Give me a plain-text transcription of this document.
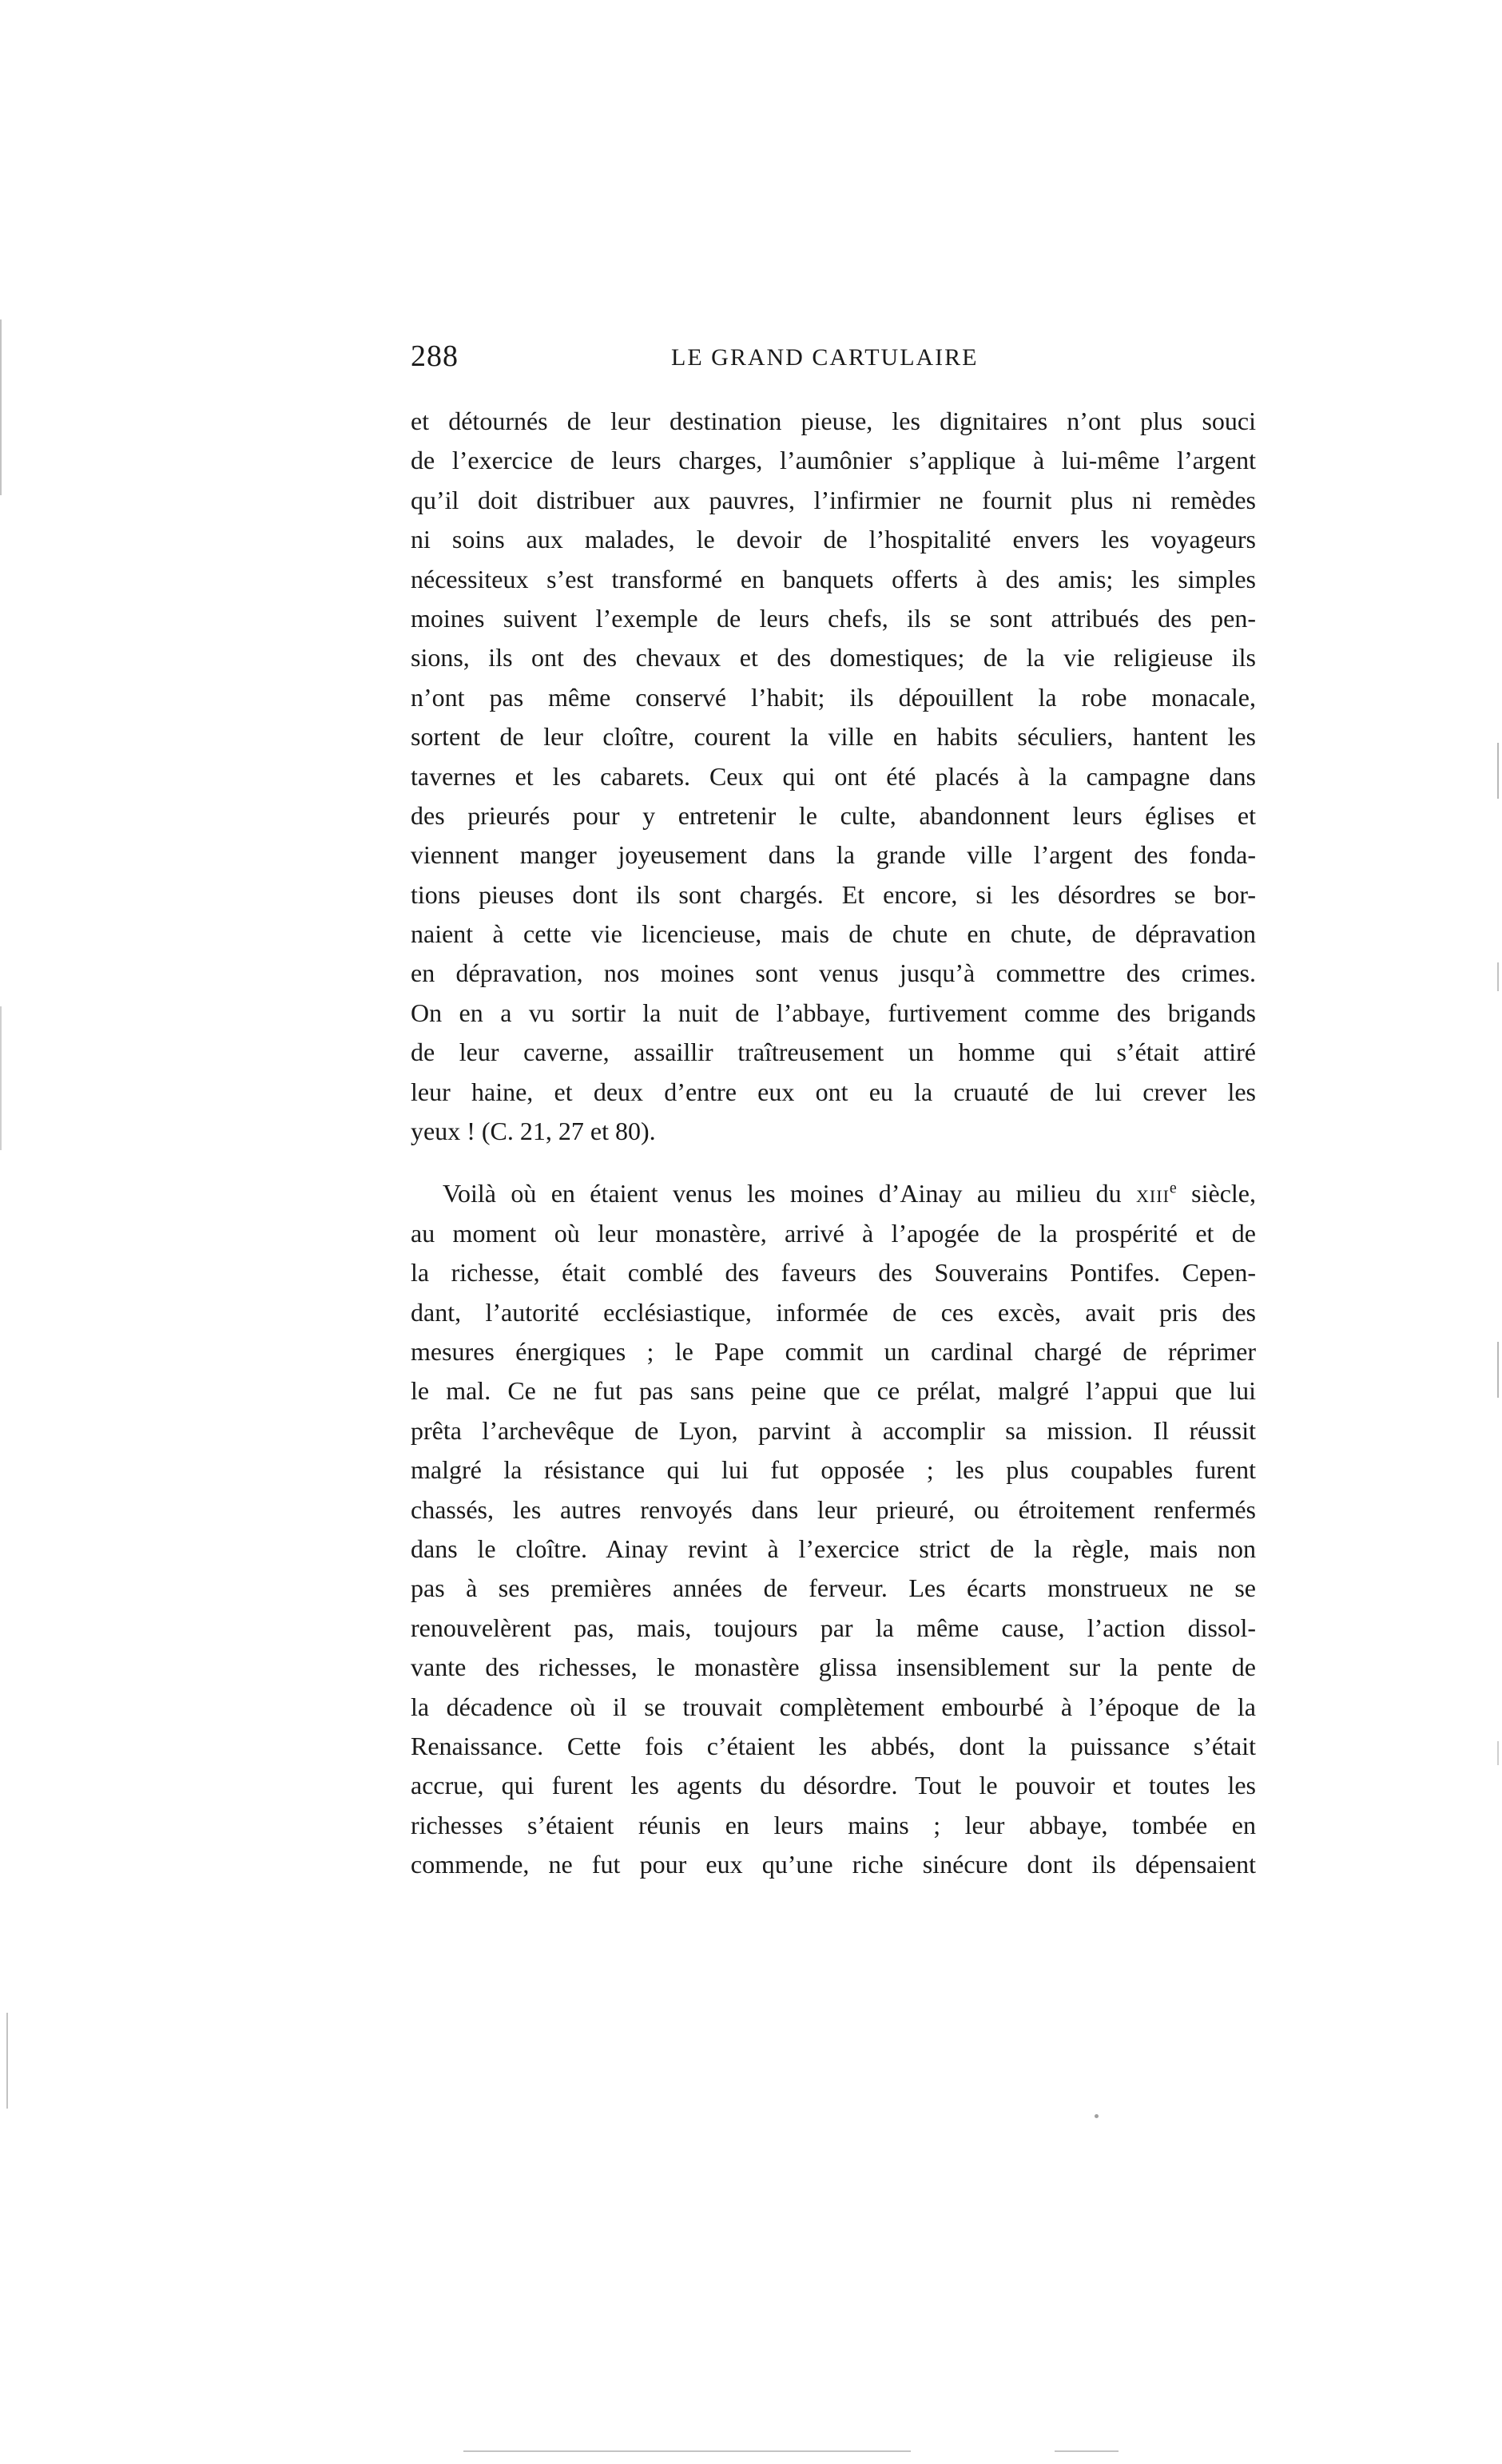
288	LE GRAND CARTULAIRE
et détournés de leur destination pieuse, les dignitaires n’ont plus souci
de l’exercice de leurs charges, l’aumônier s’applique à lui-même l’argent
qu’il doit distribuer aux pauvres, l’infirmier ne fournit plus ni remèdes
ni soins aux malades, le devoir de l’hospitalité envers les voyageurs
nécessiteux s’est transformé en banquets offerts à des amis; les simples
moines suivent l’exemple de leurs chefs, ils se sont attribués des pen-
sions, ils ont des chevaux et des domestiques; de la vie religieuse ils
n’ont pas même conservé l’habit; ils dépouillent la robe monacale,
sortent de leur cloître, courent la ville en habits séculiers, hantent les
tavernes et les cabarets. Ceux qui ont été placés à la campagne dans
des prieurés pour y entretenir le culte, abandonnent leurs églises et
viennent manger joyeusement dans la grande ville l’argent des fonda-
tions pieuses dont ils sont chargés. Et encore, si les désordres se bor-
naient à cette vie licencieuse, mais de chute en chute, de dépravation
en dépravation, nos moines sont venus jusqu’à commettre des crimes.
On en a vu sortir la nuit de l’abbaye, furtivement comme des brigands
de leur caverne, assaillir traîtreusement un homme qui s’était attiré
leur haine, et deux d’entre eux ont eu la cruauté de lui crever les
yeux ! (C. 21, 27 et 80).
Voilà où en étaient venus les moines d’Ainay au milieu du XIIIe siècle,
au moment où leur monastère, arrivé à l’apogée de la prospérité et de
la richesse, était comblé des faveurs des Souverains Pontifes. Cepen-
dant, l’autorité ecclésiastique, informée de ces excès, avait pris des
mesures énergiques ; le Pape commit un cardinal chargé de réprimer
le mal. Ce ne fut pas sans peine que ce prélat, malgré l’appui que lui
prêta l’archevêque de Lyon, parvint à accomplir sa mission. Il réussit
malgré la résistance qui lui fut opposée ; les plus coupables furent
chassés, les autres renvoyés dans leur prieuré, ou étroitement renfermés
dans le cloître. Ainay revint à l’exercice strict de la règle, mais non
pas à ses premières années de ferveur. Les écarts monstrueux ne se
renouvelèrent pas, mais, toujours par la même cause, l’action dissol-
vante des richesses, le monastère glissa insensiblement sur la pente de
la décadence où il se trouvait complètement embourbé à l’époque de la
Renaissance. Cette fois c’étaient les abbés, dont la puissance s’était
accrue, qui furent les agents du désordre. Tout le pouvoir et toutes les
richesses s’étaient réunis en leurs mains ; leur abbaye, tombée en
commende, ne fut pour eux qu’une riche sinécure dont ils dépensaient
